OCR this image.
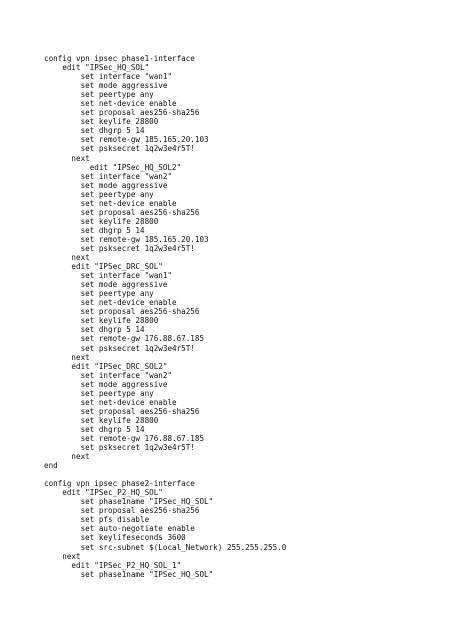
config vpn ipsec phase1-interface
edit "IPSec_HQ_SOL"
set interface "wan1"
set mode aggressive
set peertype any
set net-device enable
set proposal aes256-sha256
set keylife 28800
set dhgrp 5 14
set remote-gw 185.165.20.103
set psksecret 1q2w3e4r5T!
next
edit "IPSec_HQ_SOL2"
set interface "wan2"
set mode aggressive
set peertype any
set net-device enable
set proposal aes256-sha256
set keylife 28800
set dhgrp 5 14
set remote-gw 185.165.20.103
set psksecret 1q2w3e4r5T!
next
edit "IPSec_DRC_SOL"
set interface "wan1"
set mode aggressive
set peertype any
set net-device enable
set proposal aes256-sha256
set keylife 28800
set dhgrp 5 14
set remote-gw 176.88.67.185
set psksecret 1q2w3e4r5T!
next
edit "IPSec_DRC_SOL2"
set interface "wan2"
set mode aggressive
set peertype any
set net-device enable
set proposal aes256-sha256
set keylife 28800
set dhgrp 5 14
set remote-gw 176.88.67.185
set psksecret 1q2w3e4r5T!
next
end
config vpn ipsec phase2-interface
edit "IPSec_P2_HQ_SOL"
set phase1name "IPSec_HQ_SOL"
set proposal aes256-sha256
set pfs disable
set auto-negotiate enable
set keylifeseconds 3600
set src-subnet $(Local_Network) 255.255.255.0
next
edit "IPSec_P2_HQ_SOL_1"
set phase1name "IPSec_HQ_SOL"
